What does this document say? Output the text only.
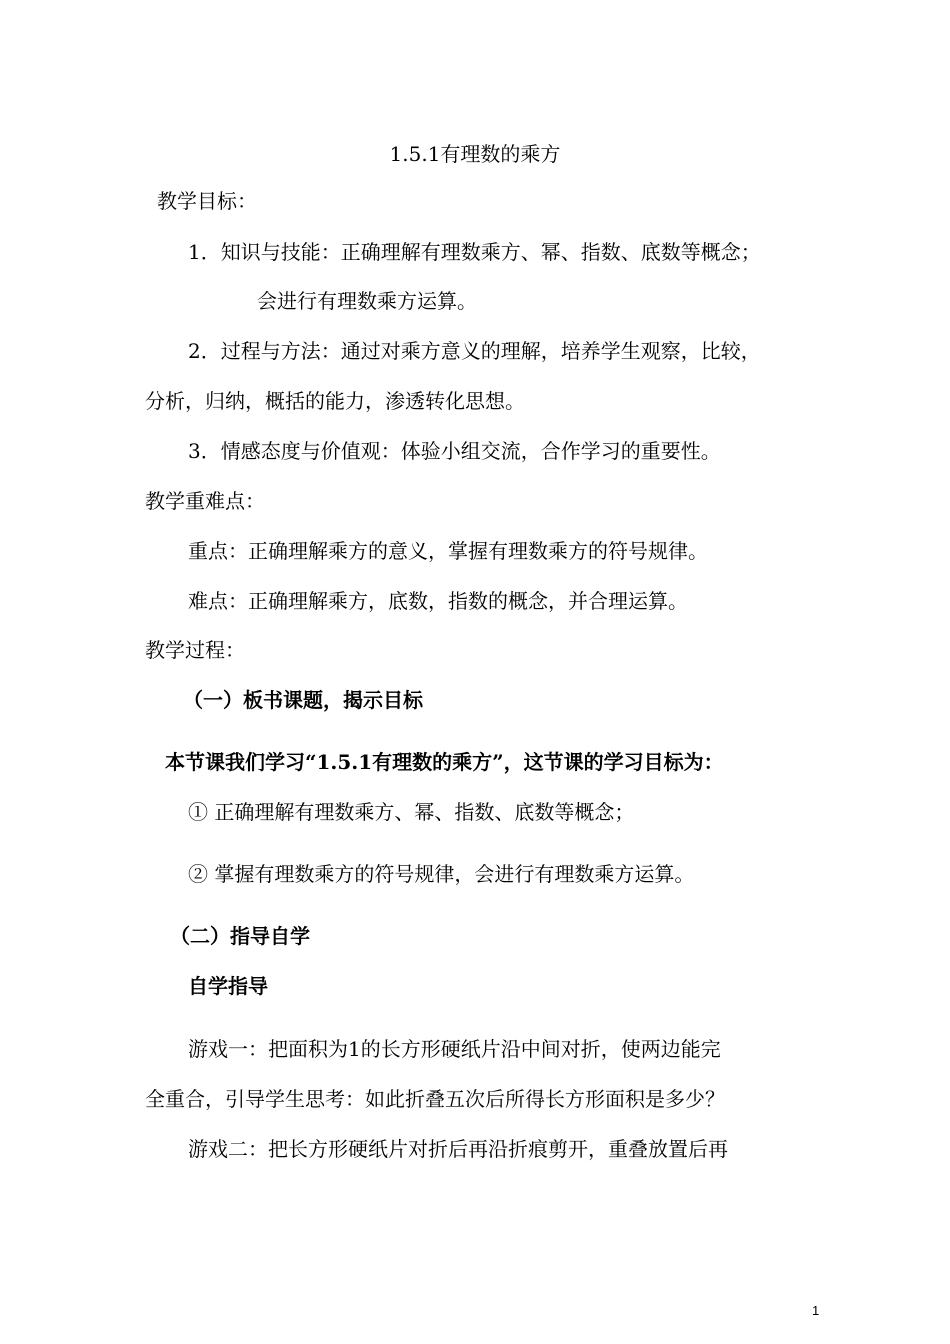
1.5.1有理数的乘方
教学目标：
1．知识与技能：正确理解有理数乘方、幂、指数、底数等概念；
会进行有理数乘方运算。
2．过程与方法：通过对乘方意义的理解，培养学生观察，比较，
分析，归纳，概括的能力，渗透转化思想。
3．情感态度与价值观：体验小组交流，合作学习的重要性。
教学重难点：
重点：正确理解乘方的意义，掌握有理数乘方的符号规律。
难点：正确理解乘方，底数，指数的概念，并合理运算。
教学过程：
（一）板书课题，揭示目标
本节课我们学习“1.5.1有理数的乘方”，这节课的学习目标为：
① 正确理解有理数乘方、幂、指数、底数等概念；
② 掌握有理数乘方的符号规律，会进行有理数乘方运算。
（二）指导自学
自学指导
游戏一：把面积为1的长方形硬纸片沿中间对折，使两边能完
全重合，引导学生思考：如此折叠五次后所得长方形面积是多少？
游戏二：把长方形硬纸片对折后再沿折痕剪开，重叠放置后再
1
